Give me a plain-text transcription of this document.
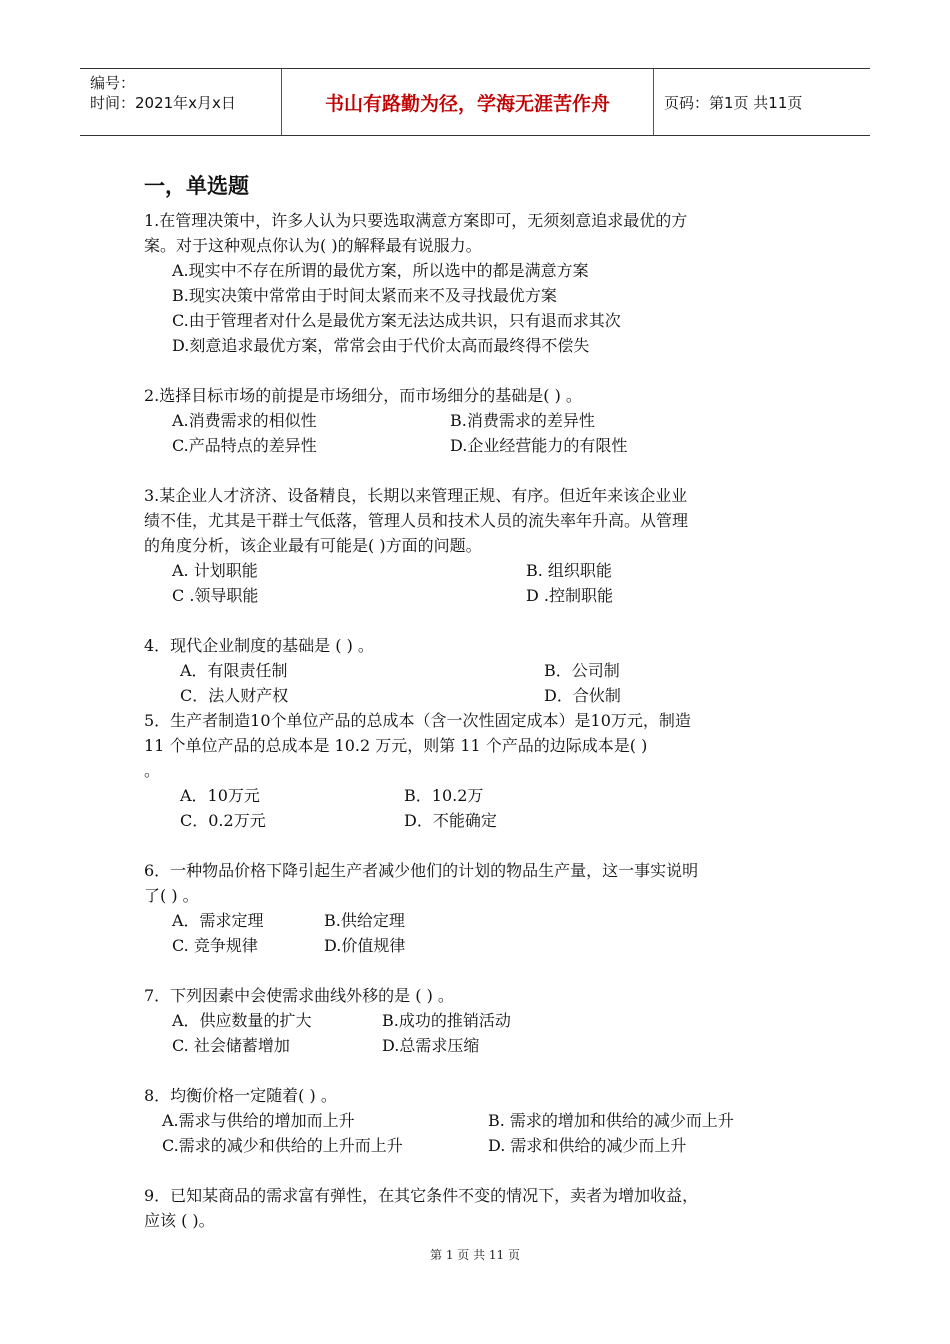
编号：
时间：2021年x月x日	书山有路勤为径，学海无涯苦作舟	页码：第1页 共11页
一，单选题
1.在管理决策中，许多人认为只要选取满意方案即可，无须刻意追求最优的方
案。对于这种观点你认为( )的解释最有说服力。
A.现实中不存在所谓的最优方案，所以选中的都是满意方案
B.现实决策中常常由于时间太紧而来不及寻找最优方案
C.由于管理者对什么是最优方案无法达成共识，只有退而求其次
D.刻意追求最优方案，常常会由于代价太高而最终得不偿失
2.选择目标市场的前提是市场细分，而市场细分的基础是( ) 。
A.消费需求的相似性	B.消费需求的差异性
C.产品特点的差异性	D.企业经营能力的有限性
3.某企业人才济济、设备精良，长期以来管理正规、有序。但近年来该企业业
绩不佳，尤其是干群士气低落，管理人员和技术人员的流失率年升高。从管理
的角度分析，该企业最有可能是( )方面的问题。
A. 计划职能	B. 组织职能
C .领导职能	D .控制职能
4．现代企业制度的基础是 ( ) 。
A．有限责任制	B．公司制
C．法人财产权	D．合伙制
5．生产者制造10个单位产品的总成本（含一次性固定成本）是10万元，制造
11 个单位产品的总成本是 10.2 万元，则第 11 个产品的边际成本是( )
。
A．10万元	B．10.2万
C．0.2万元	D．不能确定
6．一种物品价格下降引起生产者减少他们的计划的物品生产量，这一事实说明
了( ) 。
A．需求定理	B.供给定理
C. 竞争规律	D.价值规律
7．下列因素中会使需求曲线外移的是 ( ) 。
A．供应数量的扩大	B.成功的推销活动
C. 社会储蓄增加	D.总需求压缩
8．均衡价格一定随着( ) 。
A.需求与供给的增加而上升	B. 需求的增加和供给的减少而上升
C.需求的减少和供给的上升而上升	D. 需求和供给的减少而上升
9．已知某商品的需求富有弹性，在其它条件不变的情况下，卖者为增加收益，
应该 ( )。
第 1 页 共 11 页
